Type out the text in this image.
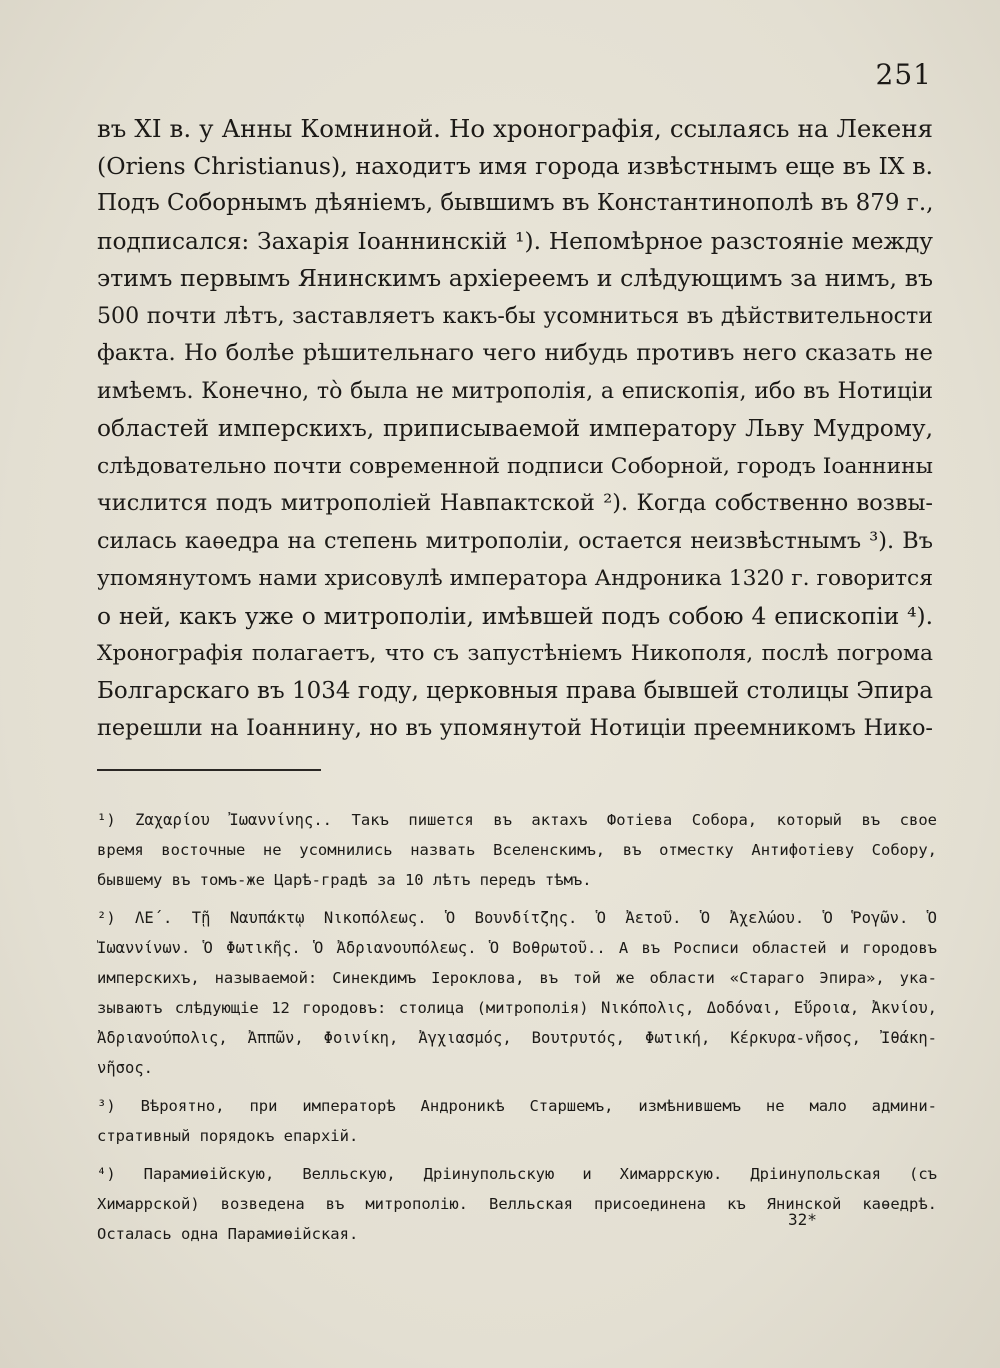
251
въ XI в. у Анны Комниной. Но хронографія, ссылаясь на Лекеня
(Oriens Christianus), находитъ имя города извѣстнымъ еще въ IX в.
Подъ Соборнымъ дѣяніемъ, бывшимъ въ Константинополѣ въ 879 г.,
подписался: Захарія Іоаннинскій ¹). Непомѣрное разстояніе между
этимъ первымъ Янинскимъ архіереемъ и слѣдующимъ за нимъ, въ
500 почти лѣтъ, заставляетъ какъ-бы усомниться въ дѣйствительности
факта. Но болѣе рѣшительнаго чего нибудь противъ него сказать не
имѣемъ. Конечно, то̀ была не митрополія, а епископія, ибо въ Нотиціи
областей имперскихъ, приписываемой императору Льву Мудрому,
слѣдовательно почти современной подписи Соборной, городъ Іоаннины
числится подъ митрополіей Навпактской ²). Когда собственно возвы-
силась каѳедра на степень митрополіи, остается неизвѣстнымъ ³). Въ
упомянутомъ нами хрисовулѣ императора Андроника 1320 г. говорится
о ней, какъ уже о митрополіи, имѣвшей подъ собою 4 епископіи ⁴).
Хронографія полагаетъ, что съ запустѣніемъ Никополя, послѣ погрома
Болгарскаго въ 1034 году, церковныя права бывшей столицы Эпира
перешли на Іоаннину, но въ упомянутой Нотиціи преемникомъ Нико-
¹) Ζαχαρίου Ἰωαννίνης.. Такъ пишется въ актахъ Фотіева Собора, который въ свое
время восточные не усомнились назвать Вселенскимъ, въ отместку Антифотіеву Собору,
бывшему въ томъ-же Царѣ-градѣ за 10 лѣтъ передъ тѣмъ.
²) ΛΕ΄. Τῇ Ναυπάκτῳ Νικοπόλεως. Ὁ Βουνδίτζης. Ὁ Ἀετοῦ. Ὁ Ἀχελώου. Ὁ Ῥογῶν. Ὁ
Ἰωαννίνων. Ὁ Φωτικῆς. Ὁ Ἀδριανουπόλεως. Ὁ Βοθρωτοῦ.. А въ Росписи областей и городовъ
имперскихъ, называемой: Синекдимъ Іероклова, въ той же области «Стараго Эпира», ука-
зываютъ слѣдующіе 12 городовъ: столица (митрополія) Νικόπολις, Δοδόναι, Εὔροια, Ἀκνίου,
Ἀδριανούπολις, Ἀππῶν, Φοινίκη, Ἀγχιασμός, Βουτρυτός, Φωτική, Κέρκυρα-νῆσος, Ἰθάκη-
νῆσος.
³) Вѣроятно, при императорѣ Андроникѣ Старшемъ, измѣнившемъ не мало админи-
стративный порядокъ епархій.
⁴) Парамиѳійскую, Велльскую, Дріинупольскую и Химаррскую. Дріинупольская (съ
Химаррской) возведена въ митрополію. Велльская присоединена къ Янинской каѳедрѣ.
Осталась одна Парамиѳійская.
32*
